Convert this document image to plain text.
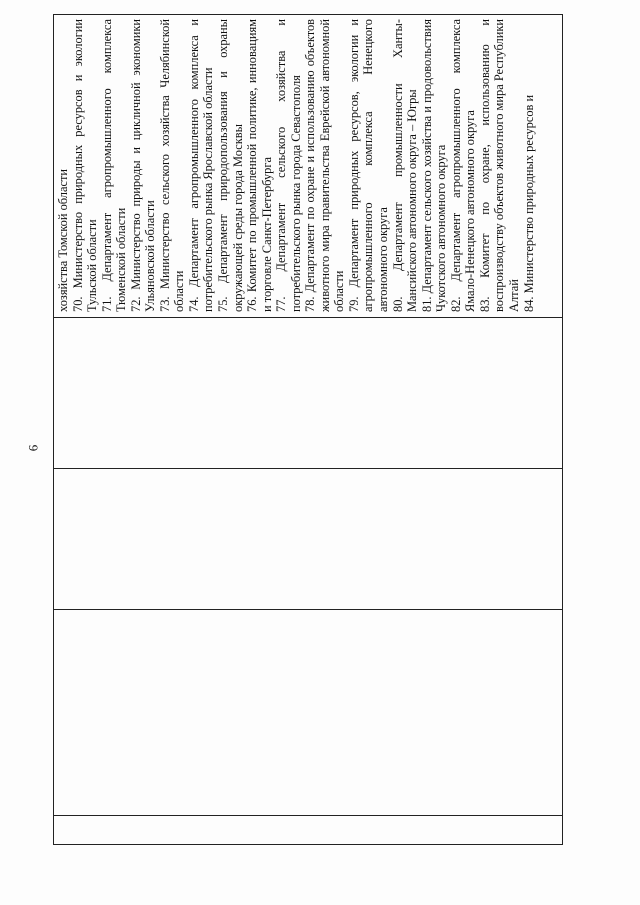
6

хозяйства Томской области 70. Министерство природных ресурсов и экологии Тульской области 71. Департамент агропромышленного комплекса Тюменской области 72. Министерство природы и цикличной экономики Ульяновской области 73. Министерство сельского хозяйства Челябинской области 74. Департамент агропромышленного комплекса и потребительского рынка Ярославской области 75. Департамент природопользования и охраны окружающей среды города Москвы 76. Комитет по промышленной политике, инновациям и торговле Санкт-Петербурга 77. Департамент сельского хозяйства и потребительского рынка города Севастополя 78. Департамент по охране и использованию объектов животного мира правительства Еврейской автономной области 79. Департамент природных ресурсов, экологии и агропромышленного комплекса Ненецкого автономного округа 80. Департамент промышленности Ханты-Мансийского автономного округа – Югры 81. Департамент сельского хозяйства и продовольствия Чукотского автономного округа 82. Департамент агропромышленного комплекса Ямало-Ненецкого автономного округа 83. Комитет по охране, использованию и воспроизводству объектов животного мира Республики Алтай 84. Министерство природных ресурсов и
